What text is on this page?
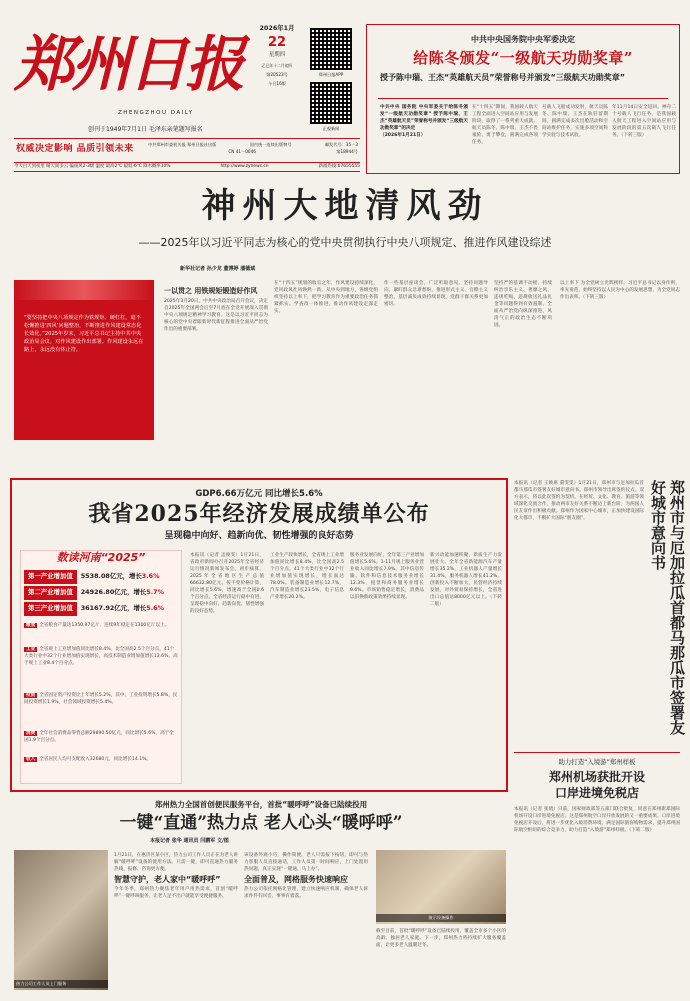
郑州日报
ZHENGZHOU DAILY
创刊于1949年7月1日 毛泽东亲笔题写报名
2026年1月
22
星期四
乙巳年十二月初四
第20523号
今日16版
郑州日报APP
正观新闻
权威决定影响 品质引领未来	中共郑州市委机关报 郑州日报社出版	国内统一连续出版物号	邮发代号：35－3
CN 41－0046	第18944号
今天白天到夜里 晴天间多云 偏南风2-3级 温度 最高2℃ 最低-6℃ 降水概率10%	http://www.zynews.cn	新闻热线:67655555
中共中央国务院中央军委决定
给陈冬颁发“一级航天功勋奖章”
授予陈中瑞、王杰“英雄航天员”荣誉称号并颁发“三级航天功勋奖章”
中共中央 国务院 中央军委关于给陈冬颁发“一级航天功勋奖章” 授予陈中瑞、王杰“英雄航天员”荣誉称号并颁发“三级航天功勋奖章”的决定
（2026年1月21日）
在“十四五”期间，我国载人航天工程全面进入空间站应用与发展阶段，取得了一系列重大成就。航天员陈冬、陈中瑞、王杰不畏艰险、勇于攀登，圆满完成各项任务。
号载人飞船成功发射，航天员陈冬、陈中瑞、王杰在轨驻留期间，圆满完成多次出舱活动和空间站维护任务，实施多项空间科学实验与技术试验。
年11月14日安全返回。神舟二十号载人飞行任务，是我国载人航天工程进入空间站应用与发展阶段的第五次载人飞行任务。（下转三版）
神州大地清风劲
——2025年以习近平同志为核心的党中央贯彻执行中央八项规定、推进作风建设综述
新华社记者 孙少龙 董博婷 潘德斌
“要坚持把中央八项规定作为铁规矩、硬杠杠，毫不松懈推进‘四风’问题整治，不断推进作风建设常态化长效化。”2025年岁末，习近平总书记主持中共中央政治局会议，对作风建设作出部署。作风建设永远在路上，永远没有休止符。
一以贯之 用铁规矩锻造好作风
2025年3月20日，中共中央政治局召开会议，决定自2025年全国两会后至7月底在全党开展深入贯彻中央八项规定精神学习教育。这是以习近平同志为核心的党中央着眼新时代新征程推进全面从严治党作出的重要部署。
在“十四五”规划的收官之年，作风建设持续深化，党风政风社风焕然一新。从中央到地方，各级党组织坚持以上率下，把学习教育作为重要政治任务抓紧抓实。学查改一体推进，推动作风建设走深走实。
作一些基层座谈会，广泛听取意见。坚持问题导向，紧盯群众急难愁盼，推进形式主义、官僚主义整治，基层减负成效持续显现，党群干群关系更加密切。
坚持严的基调不动摇，持续纠治享乐主义、奢靡之风，违规吃喝、违规收送礼品礼金等问题得到有效遏制，全面从严治党向纵深推进，风清气正的政治生态不断巩固。
以上率下 为全党树立光辉榜样。习近平总书记以身作则、率先垂范，始终坚持以人民为中心的发展思想，为全党同志作出表率。（下转三版）
GDP6.66万亿元 同比增长5.6%
我省2025年经济发展成绩单公布
呈现稳中向好、趋新向优、韧性增强的良好态势
数读河南“2025”
第一产业增加值	5538.08亿元，增长3.6%
第二产业增加值	24926.80亿元，增长5.7%
第三产业增加值	36167.92亿元，增长5.6%
粮食 全省粮食产量达1350.97亿斤，连续9年稳定在1300亿斤以上。
工业 全省规上工业增加值同比增长8.4%。比全国高2.5个百分点，41个大类行业中32个行业增加值实现增长，高技术制造业增加值增长13.6%，高于规上工业8.4个百分点。
投资 全省固定资产投资比上年增长5.2%，其中，工业投资增长5.8%，民间投资增长1.9%，社会领域投资增长5.4%。
消费 全年社会消费品零售总额29890.50亿元，同比增长5.6%，高于全国1.9个百分点。
收入 全省居民人均可支配收入32680元，同比增长14.1%。
本报讯（记者 孟俊雯）1月21日，省政府新闻办召开2025年全省经济运行情况新闻发布会。初步核算，2025年全省地区生产总值66632.80亿元，按不变价格计算，同比增长5.6%，增速高于全国0.6个百分点。全省经济运行稳中有进，呈现稳中向好、趋新向优、韧性增强的良好态势。
工业生产较快增长，全省规上工业增加值同比增长8.4%，比全国高2.5个百分点。41个大类行业中32个行业增加值实现增长，增长面达78.0%。装备制造业增长12.7%，汽车制造业增长23.5%，电子信息产业增长20.2%。
服务业发展向好，全年第三产业增加值增长5.6%。1-11月规上服务业营业收入同比增长7.9%。其中信息传输、软件和信息技术服务业增长12.3%，租赁和商务服务业增长9.6%。市场销售稳定增长，消费品以旧换新政策效果持续显现。
新兴动能加速积聚，新质生产力发展壮大。全年全省新能源汽车产量增长35.2%，工业机器人产量增长31.4%，服务机器人增长41.2%。创新投入不断加大，民营经济持续发展，对外贸易保持增长，全省进出口总值达8000亿元以上。（下转二版）
本报讯（记者 王映席 董雯雯）1月21日，郑州市与厄加拉瓜首都马那瓜市签署友好城市意向书。郑州市领导出席签约仪式。双方表示，将以此次签约为契机，在经贸、文化、教育、旅游等领域深化交流合作，推动两市友好关系不断迈上新台阶，为两国人民友谊作出积极贡献。郑州作为国家中心城市，正加快建设国际化大都市，不断扩大国际“朋友圈”。	郑州市与厄加拉瓜首都马那瓜市签署友好城市意向书
助力打造“入境游”郑州样板
郑州机场获批开设
口岸进境免税店
本报讯（记者 张倩）日前，国家财政部等五部门联合批复，同意在郑州新郑国际机场开设口岸进境免税店。这是郑州航空口岸开放发展的又一重要成果。口岸进境免税店开设后，将进一步优化入境消费环境，满足国际旅客购物需求，提升郑州国际航空枢纽的综合竞争力，助力打造“入境游”郑州样板。（下转二版）
郑州热力全国首创便民服务平台，首批“暖呼呼”设备已陆续投用
一键“直通”热力点 老人心头“暖呼呼”
本报记者 张华 通讯员 闫鹏军 文/图
热力公司工作人员上门服务
1月21日，在惠济区某小区，热力公司工作人员正在为老人讲解“暖呼呼”设备的使用方法。只需一键，即可直通热力服务热线，报修、咨询更方便。
智慧守护，老人家中“暖呼呼”
今年冬季，郑州热力聚焦老年用户用热需求，首创“暖呼呼”一键呼叫服务，让老人足不出户就能享受便捷服务。
该设备外观小巧，操作简便，老人只需按下按钮，即可与热力客服人员直接通话，工作人员第一时间响应，上门处置用热问题，真正实现“一键通、马上办”。
全面普及，网格服务快速响应
热力公司依托网格化管理，建立快速响应机制，确保老人诉求件件有回音、事事有着落。
演示设备操作
截至目前，首批“暖呼呼”设备已陆续投用，覆盖全市多个小区的高龄、独居老人家庭。下一步，郑州热力将持续扩大服务覆盖面，让更多老人温暖过冬。
